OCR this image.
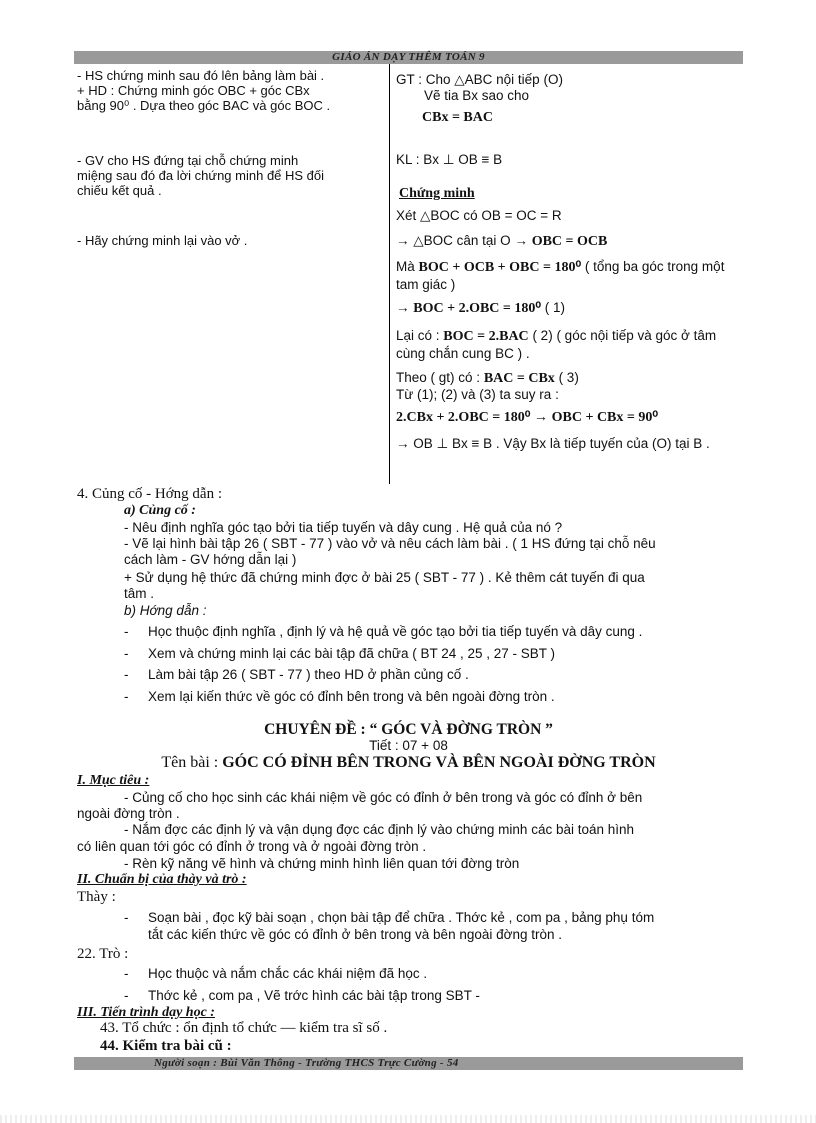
GIÁO ÁN DẠY THÊM TOÁN 9
- HS chứng minh sau đó lên bảng làm bài .
+ HD : Chứng minh góc OBC + góc CBx
bằng 90⁰ . Dựa theo góc BAC và góc BOC .
- GV cho HS đứng tại chỗ chứng minh
miệng sau đó đa lời chứng minh để HS đối
chiếu kết quả .
- Hãy chứng minh lại vào vở .
GT : Cho △ABC nội tiếp (O)
Vẽ tia Bx sao cho
CBx = BAC
KL : Bx ⊥ OB ≡ B
Chứng minh
Xét △BOC có OB = OC = R
→ △BOC cân tại O → OBC = OCB
Mà BOC + OCB + OBC = 180⁰ ( tổng ba góc trong một
tam giác )
→ BOC + 2.OBC = 180⁰ ( 1)
Lại có : BOC = 2.BAC ( 2) ( góc nội tiếp và góc ở tâm
cùng chắn cung BC ) .
Theo ( gt) có : BAC = CBx ( 3)
Từ (1); (2) và (3) ta suy ra :
2.CBx + 2.OBC = 180⁰ → OBC + CBx = 90⁰
→ OB ⊥ Bx ≡ B . Vậy Bx là tiếp tuyến của (O) tại B .
4. Củng cố - Hớng dẫn :
a) Củng cố :
- Nêu định nghĩa góc tạo bởi tia tiếp tuyến và dây cung . Hệ quả của nó ?
- Vẽ lại hình bài tập 26 ( SBT - 77 ) vào vở và nêu cách làm bài . ( 1 HS đứng tại chỗ nêu
cách làm - GV hớng dẫn lại )
+ Sử dụng hệ thức đã chứng minh đợc ở bài 25 ( SBT - 77 ) . Kẻ thêm cát tuyến đi qua
tâm .
b) Hớng dẫn :
- Học thuộc định nghĩa , định lý và hệ quả về góc tạo bởi tia tiếp tuyến và dây cung .
- Xem và chứng minh lại các bài tập đã chữa ( BT 24 , 25 , 27 - SBT )
- Làm bài tập 26 ( SBT - 77 ) theo HD ở phần củng cố .
- Xem lại kiến thức về góc có đỉnh bên trong và bên ngoài đờng tròn .
CHUYÊN ĐỀ : “ GÓC VÀ ĐỜNG TRÒN ”
Tiết : 07 + 08
Tên bài : GÓC CÓ ĐỈNH BÊN TRONG VÀ BÊN NGOÀI ĐỜNG TRÒN
I. Mục tiêu :
- Củng cố cho học sinh các khái niệm về góc có đỉnh ở bên trong và góc có đỉnh ở bên
ngoài đờng tròn .
- Nắm đợc các định lý và vận dụng đợc các định lý vào chứng minh các bài toán hình
có liên quan tới góc có đỉnh ở trong và ở ngoài đờng tròn .
- Rèn kỹ năng vẽ hình và chứng minh hình liên quan tới đờng tròn
II. Chuẩn bị của thày và trò :
Thày :
- Soạn bài , đọc kỹ bài soạn , chọn bài tập để chữa . Thớc kẻ , com pa , bảng phụ tóm
tắt các kiến thức về góc có đỉnh ở bên trong và bên ngoài đờng tròn .
22. Trò :
- Học thuộc và nắm chắc các khái niệm đã học .
- Thớc kẻ , com pa , Vẽ trớc hình các bài tập trong SBT -
III. Tiến trình dạy học :
43. Tổ chức : ổn định tổ chức — kiểm tra sĩ số .
44. Kiểm tra bài cũ :
Người soạn : Bùi Văn Thông - Trường THCS Trực Cường - 54
